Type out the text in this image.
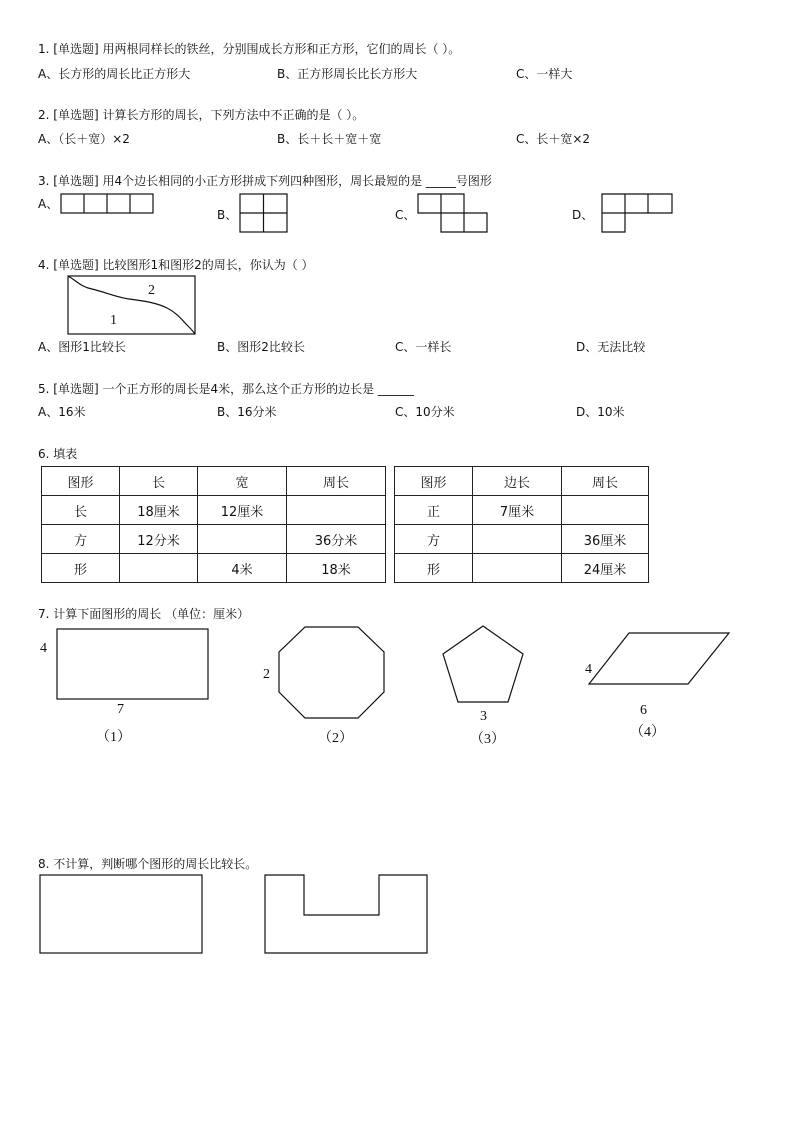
1. [单选题] 用两根同样长的铁丝，分别围成长方形和正方形，它们的周长（ ）。
A、长方形的周长比正方形大	B、正方形周长比长方形大	C、一样大
2. [单选题] 计算长方形的周长，下列方法中不正确的是（ ）。
A、（长＋宽）×2	B、长＋长＋宽＋宽	C、长＋宽×2
3. [单选题] 用4个边长相同的小正方形拼成下列四种图形，周长最短的是 _____号图形
A、
B、	C、	D、
4. [单选题] 比较图形1和图形2的周长，你认为（ ）
2
1
A、图形1比较长	B、图形2比较长	C、一样长	D、无法比较
5. [单选题] 一个正方形的周长是4米，那么这个正方形的边长是 ______
A、16米	B、16分米	C、10分米	D、10米
6. 填表
图形	长	宽	周长
长	18厘米	12厘米	
方	12分米		36分米
形		4米	18米
图形	边长	周长
正	7厘米	
方		36厘米
形		24厘米
7. 计算下面图形的周长 （单位：厘米）
4
7
（1）
2
（2）
3
（3）
4
6
（4）
8. 不计算，判断哪个图形的周长比较长。
